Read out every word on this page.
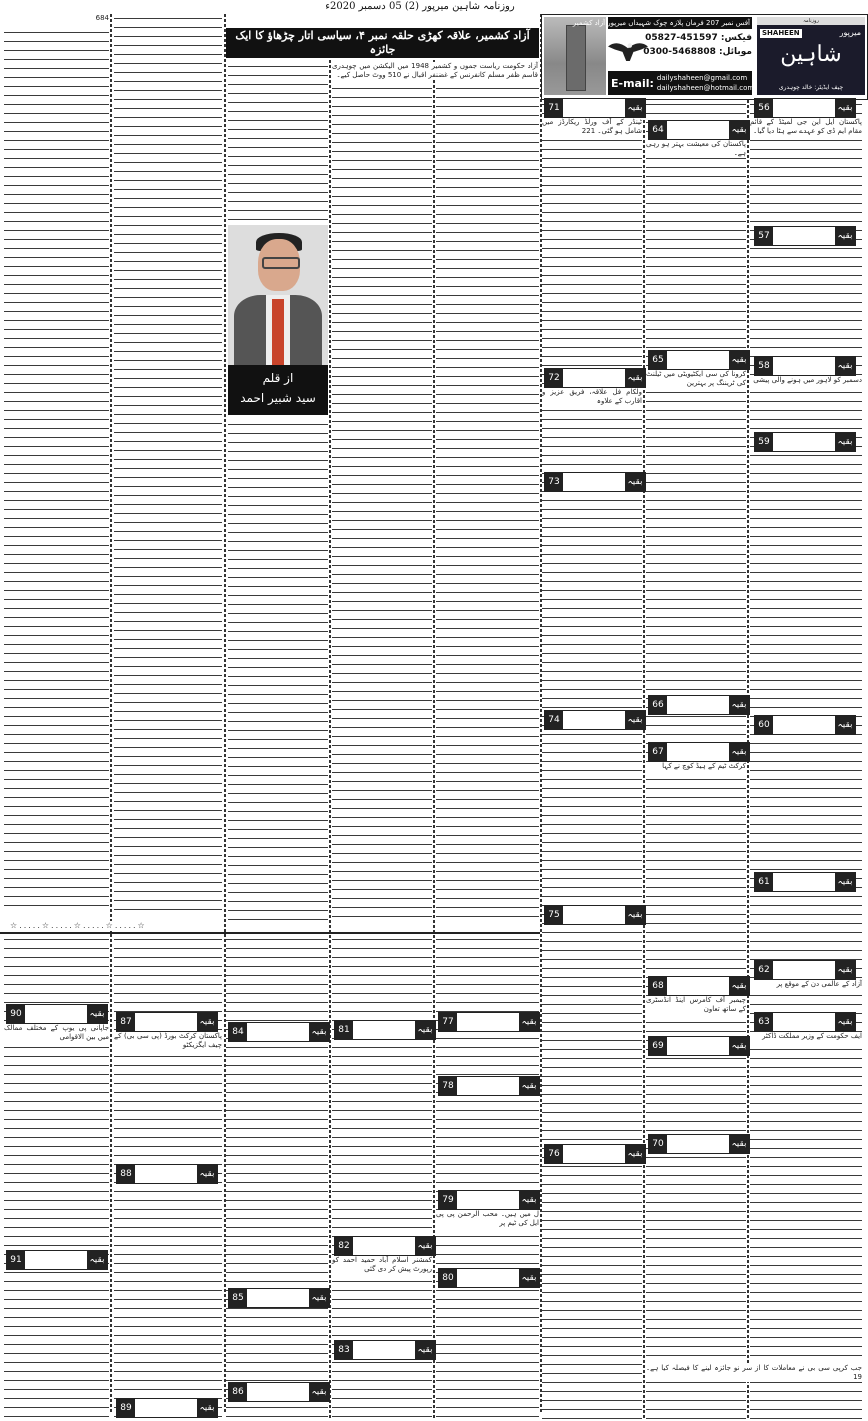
روزنامہ شاہین میرپور (2) 05 دسمبر 2020ء
آفس نمبر 207 فرمان پلازہ چوک شہیداں میرپور آزاد کشمیر
فیکس: 05827-451597
موبائل: 0300-5468808
E-mail: dailyshaheen@gmail.com
dailyshaheen@hotmail.com
روزنامہ
SHAHEEN	میرپور
شاہین
چیف ایڈیٹر: خالد چوہدری
آزاد کشمیر، علاقہ کھڑی حلقہ نمبر ۴، سیاسی اتار چڑھاؤ کا ایک جائزہ
684
آزاد حکومت ریاست جموں و کشمیر 1948 میں الیکشن میں چوہدری قاسم ظفر مسلم کانفرنس کے غضنفر اقبال نے 510 ووٹ حاصل کیے۔
از قلم
سید شبیر احمد
☆.....☆.....☆.....☆.....☆
56	بقیہ
57	بقیہ
58	بقیہ
59	بقیہ
60	بقیہ
61	بقیہ
62	بقیہ
63	بقیہ
64	بقیہ
65	بقیہ
66	بقیہ
67	بقیہ
68	بقیہ
69	بقیہ
70	بقیہ
71	بقیہ
72	بقیہ
73	بقیہ
74	بقیہ
75	بقیہ
76	بقیہ
77	بقیہ
78	بقیہ
79	بقیہ
80	بقیہ
81	بقیہ
82	بقیہ
83	بقیہ
84	بقیہ
85	بقیہ
86	بقیہ
87	بقیہ
88	بقیہ
89	بقیہ
90	بقیہ
91	بقیہ
پاکستان ایل این جی لمیٹڈ کے قائم مقام ایم ڈی کو عہدے سے ہٹا دیا گیا۔
پاکستان کی معیشت بہتر ہو رہی ہے۔
ٹینڈر کے آف ورلڈ ریکارڈز میں شامل ہو گئی۔ 221
کرونا کی سی ایکٹیویٹی میں ٹیلنٹ کی ٹریننگ پر بہترین
ولکام فل علاقہ، فریق عزیز و اقارب کے علاوہ
دسمبر کو لاہور میں ہونے والی پیشی
کرکٹ ٹیم کے ہیڈ کوچ نے کہا
پاکستان کرکٹ بورڈ (پی سی بی) کے چیف ایگزیکٹو
جاپانی پی یوپ کے مختلف ممالک میں بین الاقوامی
ل میں ہیں۔ محب الرحمن پی پی ایل کی ٹیم پر
کمشنر اسلام آباد حمید احمد کو رپورٹ پیش کر دی گئی
چیمبر آف کامرس اینڈ انڈسٹری کے ساتھ تعاون
آزاد کے عالمی دن کے موقع پر
ایف حکومت کے وزیر مملکت ڈاکٹر
جب کرپی سی بی نے معاملات کا از سر نو جائزہ لینے کا فیصلہ کیا ہے۔ 19
